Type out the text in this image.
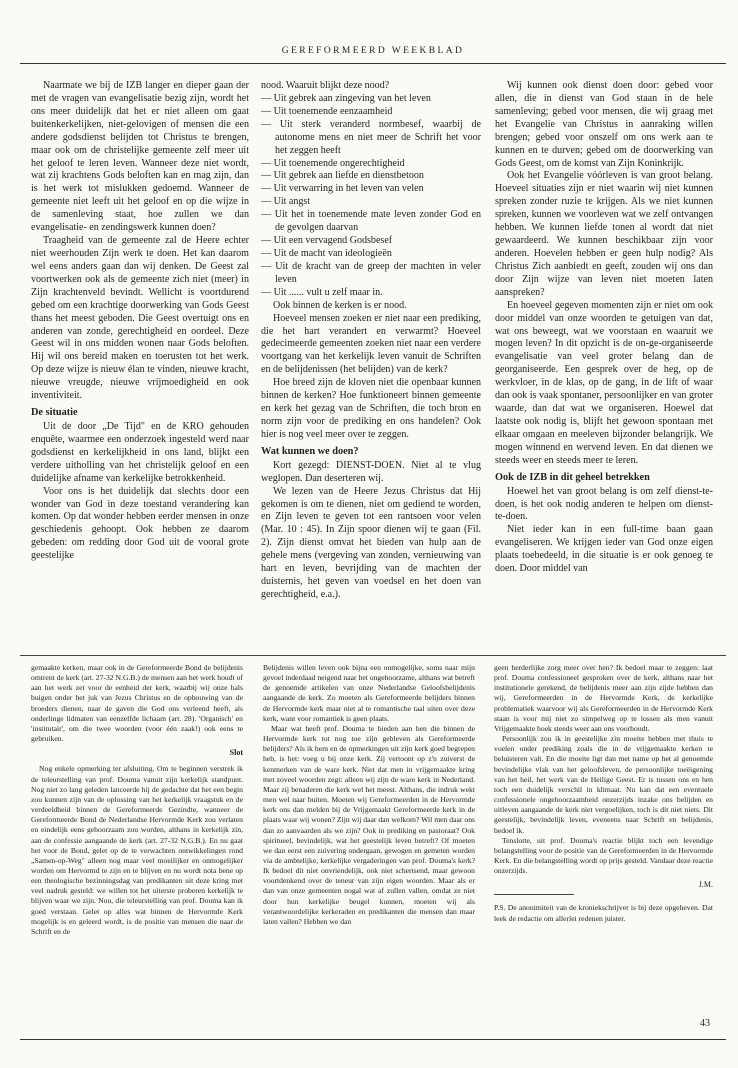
GEREFORMEERD WEEKBLAD

Naarmate we bij de IZB langer en dieper gaan der met de vragen van evangelisatie bezig zijn, wordt het ons meer duidelijk dat het er niet alleen om gaat buitenkerkelijken, niet-gelovigen of mensen die een andere godsdienst belijden tot Christus te brengen, maar ook om de christelijke gemeente zelf meer uit het geloof te leren leven. Wanneer deze niet wordt, wat zij krachtens Gods beloften kan en mag zijn, dan is het werk tot mislukken gedoemd. Wanneer de gemeente niet leeft uit het geloof en op die wijze in de samenleving staat, hoe zullen we dan evangelisatie- en zendingswerk kunnen doen?

Traagheid van de gemeente zal de Heere echter niet weerhouden Zijn werk te doen. Het kan daarom wel eens anders gaan dan wij denken. De Geest zal voortwerken ook als de gemeente zich niet (meer) in Zijn krachtenveld bevindt. Wellicht is voortdurend gebed om een krachtige doorwerking van Gods Geest thans het meest geboden. Die Geest overtuigt ons en anderen van zonde, gerechtigheid en oordeel. Deze Geest wil in ons midden wonen naar Gods beloften. Hij wil ons bereid maken en toerusten tot het werk. Op deze wijze is nieuw élan te vinden, nieuwe kracht, nieuwe vreugde, nieuwe vrijmoedigheid en ook inventiviteit.

De situatie

Uit de door „De Tijd" en de KRO gehouden enquête, waarmee een onderzoek ingesteld werd naar godsdienst en kerkelijkheid in ons land, blijkt een verdere uitholling van het christelijk geloof en een duidelijke afname van kerkelijke betrokkenheid.

Voor ons is het duidelijk dat slechts door een wonder van God in deze toestand verandering kan komen. Op dat wonder hebben eerder mensen in onze geschiedenis gehoopt. Ook hebben ze daarom gebeden: om redding door God uit de vooral grote geestelijke

nood. Waaruit blijkt deze nood?

— Uit gebrek aan zingeving van het leven
— Uit toenemende eenzaamheid
— Uit sterk veranderd normbesef, waarbij de autonome mens en niet meer de Schrift het voor het zeggen heeft
— Uit toenemende ongerechtigheid
— Uit gebrek aan liefde en dienstbetoon
— Uit verwarring in het leven van velen
— Uit angst
— Uit het in toenemende mate leven zonder God en de gevolgen daarvan
— Uit een vervagend Godsbesef
— Uit de macht van ideologieën
— Uit de kracht van de greep der machten in veler leven
— Uit ...... vult u zelf maar in.

Ook binnen de kerken is er nood.

Hoeveel mensen zoeken er niet naar een prediking, die het hart verandert en verwarmt? Hoeveel gedecimeerde gemeenten zoeken niet naar een verdere voortgang van het kerkelijk leven vanuit de Schriften en de belijdenissen (het belijden) van de kerk?

Hoe breed zijn de kloven niet die openbaar kunnen binnen de kerken? Hoe funktioneert binnen gemeente en kerk het gezag van de Schriften, die toch bron en norm zijn voor de prediking en ons handelen? Ook hier is nog veel meer over te zeggen.

Wat kunnen we doen?

Kort gezegd: DIENST-DOEN. Niet al te vlug weglopen. Dan deserteren wij.

We lezen van de Heere Jezus Christus dat Hij gekomen is om te dienen, niet om gediend te worden, en Zijn leven te geven tot een rantsoen voor velen (Mar. 10 : 45). In Zijn spoor dienen wij te gaan (Fil. 2). Zijn dienst omvat het bieden van hulp aan de gehele mens (vergeving van zonden, vernieuwing van hart en leven, bevrijding van de machten der duisternis, het geven van voedsel en het doen van gerechtigheid, e.a.).

Wij kunnen ook dienst doen door: gebed voor allen, die in dienst van God staan in de hele samenleving; gebed voor mensen, die wij graag met het Evangelie van Christus in aanraking willen brengen; gebed voor onszelf om ons werk aan te kunnen en te durven; gebed om de doorwerking van Gods Geest, om de komst van Zijn Koninkrijk.

Ook het Evangelie vóórleven is van groot belang. Hoeveel situaties zijn er niet waarin wij niet kunnen spreken zonder ruzie te krijgen. Als we niet kunnen spreken, kunnen we voorleven wat we zelf ontvangen hebben. We kunnen liefde tonen al wordt dat niet gewaardeerd. We kunnen beschikbaar zijn voor anderen. Hoevelen hebben er geen hulp nodig? Als Christus Zich aanbiedt en geeft, zouden wij ons dan door Zijn wijze van leven niet moeten laten aanspreken?

En hoeveel gegeven momenten zijn er niet om ook door middel van onze woorden te getuigen van dat, wat ons beweegt, wat we voorstaan en waaruit we mogen leven? In dit opzicht is de on-ge-organiseerde evangelisatie van veel groter belang dan de georganiseerde. Een gesprek over de heg, op de werkvloer, in de klas, op de gang, in de lift of waar dan ook is vaak spontaner, persoonlijker en van groter waarde, dan dat wat we organiseren. Hoewel dat laatste ook nodig is, blijft het gewoon spontaan met elkaar omgaan en meeleven bijzonder belangrijk. We mogen winnend en wervend leven. En dat dienen we steeds weer en steeds meer te leren.

Ook de IZB in dit geheel betrekken

Hoewel het van groot belang is om zelf dienst-te-doen, is het ook nodig anderen te helpen om dienst-te-doen.

Niet ieder kan in een full-time baan gaan evangeliseren. We krijgen ieder van God onze eigen plaats toebedeeld, in die situatie is er ook genoeg te doen. Door middel van

gemaakte kerken, maar ook in de Gereformeerde Bond de belijdenis omtrent de kerk (art. 27-32 N.G.B.) de mensen aan het werk houdt of aan het werk zet voor de eenheid der kerk, waarbij wij onze hals buigen onder het juk van Jezus Christus en de opbouwing van de broeders dienen, naar de gaven die God ons verleend heeft, als onderlinge lidmaten van eenzelfde lichaam (art. 28). 'Organisch' en 'institutair', om die twee woorden (voor één zaak!) ook eens te gebruiken.

Slot

Nog enkele opmerking ter afsluiting. Om te beginnen verstrek ik de teleurstelling van prof. Douma vanuit zijn kerkelijk standpunt. Nog niet zo lang geleden lanceerde hij de gedachte dat het een begin zou kunnen zijn van de oplossing van het kerkelijk vraagstuk en de verdeeldheid binnen de Gereformeerde Gezindte, wanneer de Gereformeerde Bond de Nederlandse Hervormde Kerk zou verlaten en eindelijk eens gehoorzaam zou worden, althans in kerkelijk zin, aan de confessie aangaande de kerk (art. 27-32 N.G.B.). En nu gaat het voor de Bond, gelet op de te verwachten ontwikkelingen rond „Samen-op-Weg" alleen nog maar veel moeilijker en onmogelijker worden om Hervormd te zijn en te blijven en nu wordt nota bene op een theologische bezinningsdag van predikanten uit deze kring met veel nadruk gesteld: we willen tot het uiterste proberen kerkelijk te blijven waar we zijn. Nou, die teleurstelling van prof. Douma kan ik goed verstaan. Gelet op alles wat binnen de Hervormde Kerk mogelijk is en geleerd wordt, is de positie van mensen die naar de Schrift en de

Belijdenis willen leven ook bijna een onmogelijke, soms naar mijn gevoel inderdaad neigend naar het ongehoorzame, althans wat betreft de genoemde artikelen van onze Nederlandse Geloofsbelijdenis aangaande de kerk. Zo moeten als Gereformeerde belijders binnen de Hervormde kerk maar niet al te romantische taal uiten over deze kerk, want voor romantiek is geen plaats.

Maar wat heeft prof. Douma te bieden aan hen die binnen de Hervormde kerk tot nog toe zijn gebleven als Gereformeerde belijders? Als ik hem en de opmerkingen uit zijn kerk goed begrepen heb, is het: voeg u bij onze kerk. Zij vertoont op z'n zuiverst de kenmerken van de ware kerk. Niet dat men in vrijgemaakte kring met zoveel woorden zegt: alleen wij zijn de ware kerk in Nederland. Maar zij benaderen die kerk wel het meest. Althans, die indruk wekt men wel naar buiten. Moeten wij Gereformeerden in de Hervormde kerk ons dan melden bij de Vrijgemaakt Gereformeerde kerk in de plaats waar wij wonen? Zijn wij daar dan welkom? Wil men daar ons dan zo aanvaarden als we zijn? Ook in prediking en pastoraat? Ook spiritueel, bevindelijk, wat het geestelijk leven betreft? Of moeten we dan eerst een zuivering ondergaan, gewogen en gemeten worden via de ambtelijke, kerkelijke vergaderingen van prof. Douma's kerk? Ik bedoel dit niet onvriendelijk, ook niet schertsend, maar gewoon voortdenkend over de teneur van zijn eigen woorden. Maar als er dan van onze gemeenten nogal wat af zullen vallen, omdat ze niet door hun kerkelijke beugel kunnen, moeten wij als verantwoordelijke kerkeraden en predikanten die mensen dan maar laten vallen? Hebben we dan

geen herderlijke zorg meer over hen? Ik bedoel maar te zeggen: laat prof. Douma confessioneel gesproken over de kerk, althans naar het institutionele gerekend, de belijdenis meer aan zijn zijde hebben dan wij, Gereformeerden in de Hervormde Kerk, de kerkelijke problematiek waarvoor wij als Gereformeerden in de Hervormde Kerk staan is voor mij niet zo simpelweg op te lossen als men vanuit Vrijgemaakte hoek steeds weer aan ons voorhoudt.

Persoonlijk zou ik in geestelijke zin moeite hebben met thuis te voelen onder prediking zoals die in de vrijgemaakte kerken te beluisteren valt. En die moeite ligt dan met name op het al genoemde bevindelijke vlak van het geloofsleven, de persoonlijke toeëigening van het heil, het werk van de Heilige Geest. Er is tussen ons en hen toch een duidelijk verschil in klimaat. Nu kan dat een eventuele confessionele ongehoorzaamheid onzerzijds inzake ons belijden en uitleven aangaande de kerk niet vergoelijken, toch is dit niet niets. Dit geestelijk, bevindelijk leven, eveneens naar Schrift en belijdenis, bedoel ik.

Tenslotte, uit prof. Douma's reactie blijkt toch een levendige belangstelling voor de positie van de Gereformeerden in de Hervormde Kerk. En die belangstelling wordt op prijs gesteld. Vandaar deze reactie onzerzijds.

J.M.

P.S. De anonimiteit van de kroniekschrijver is bij deze opgeheven. Dat leek de redactie om allerlei redenen juister.

43
